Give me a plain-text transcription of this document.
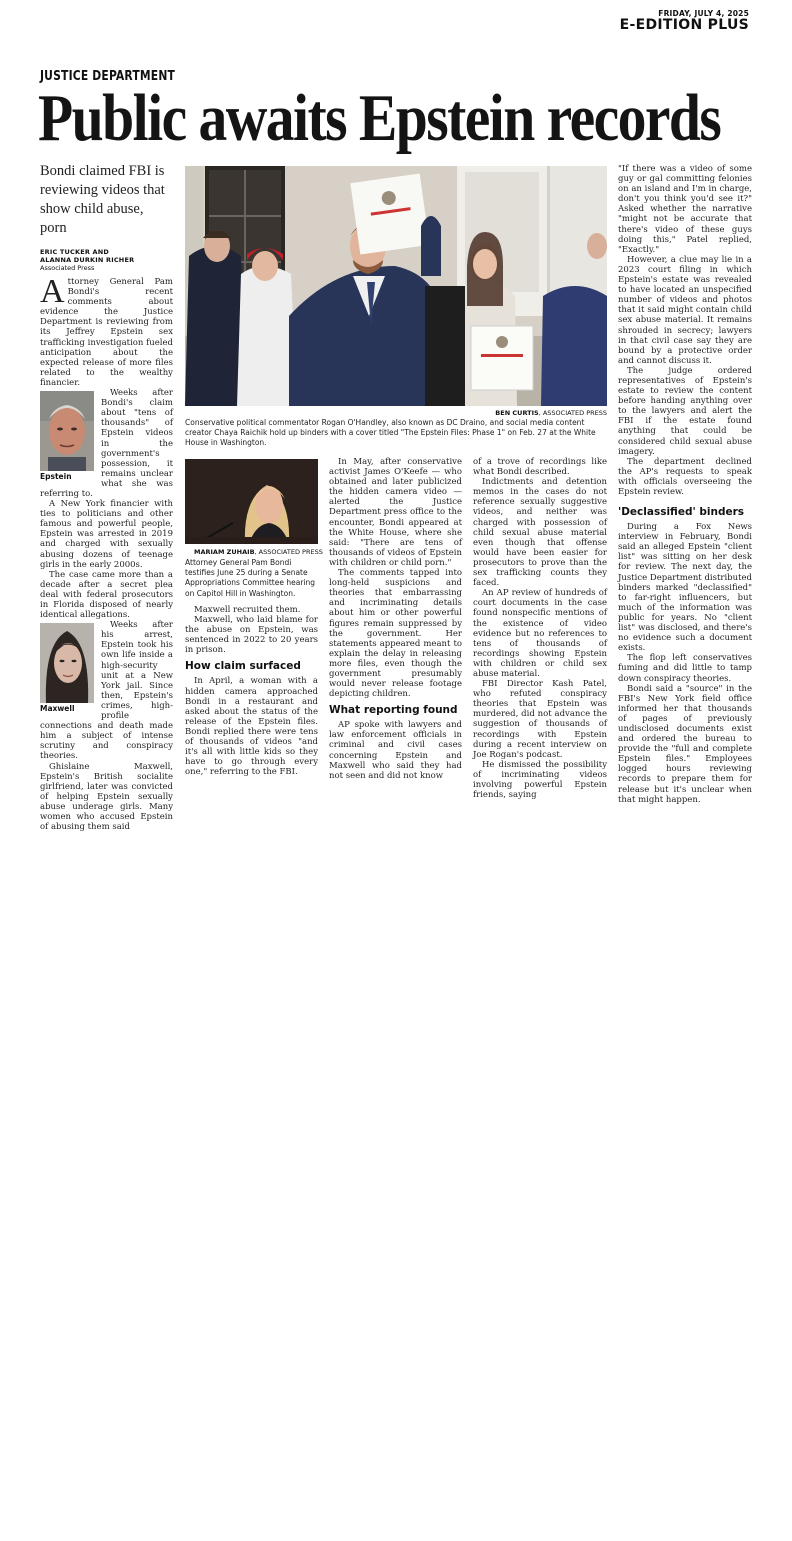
FRIDAY, JULY 4, 2025
E-EDITION PLUS
JUSTICE DEPARTMENT
Public awaits Epstein records
Bondi claimed FBI is reviewing videos that show child abuse, porn
ERIC TUCKER AND
ALANNA DURKIN RICHER
Associated Press

Attorney General Pam Bondi's recent comments about evidence the Justice Department is reviewing from its Jeffrey Epstein sex trafficking investigation fueled anticipation about the expected release of more files related to the wealthy financier.

Epstein

Weeks after Bondi's claim about "tens of thousands" of Epstein videos in the government's possession, it remains unclear what she was referring to.

A New York financier with ties to politicians and other famous and powerful people, Epstein was arrested in 2019 and charged with sexually abusing dozens of teenage girls in the early 2000s.

The case came more than a decade after a secret plea deal with federal prosecutors in Florida disposed of nearly identical allegations.

Maxwell

Weeks after his arrest, Epstein took his own life inside a high-security unit at a New York jail. Since then, Epstein's crimes, high-profile connections and death made him a subject of intense scrutiny and conspiracy theories.

Ghislaine Maxwell, Epstein's British socialite girlfriend, later was convicted of helping Epstein sexually abuse underage girls. Many women who accused Epstein of abusing them said

BEN CURTIS, ASSOCIATED PRESS
Conservative political commentator Rogan O'Handley, also known as DC Draino, and social media content creator Chaya Raichik hold up binders with a cover titled "The Epstein Files: Phase 1" on Feb. 27 at the White House in Washington.
MARIAM ZUHAIB, ASSOCIATED PRESS
Attorney General Pam Bondi testifies June 25 during a Senate Appropriations Committee hearing on Capitol Hill in Washington.

Maxwell recruited them.

Maxwell, who laid blame for the abuse on Epstein, was sentenced in 2022 to 20 years in prison.

How claim surfaced

In April, a woman with a hidden camera approached Bondi in a restaurant and asked about the status of the release of the Epstein files. Bondi replied there were tens of thousands of videos "and it's all with little kids so they have to go through every one," referring to the FBI.

In May, after conservative activist James O'Keefe — who obtained and later publicized the hidden camera video — alerted the Justice Department press office to the encounter, Bondi appeared at the White House, where she said: "There are tens of thousands of videos of Epstein with children or child porn."

The comments tapped into long-held suspicions and theories that embarrassing and incriminating details about him or other powerful figures remain suppressed by the government. Her statements appeared meant to explain the delay in releasing more files, even though the government presumably would never release footage depicting children.

What reporting found

AP spoke with lawyers and law enforcement officials in criminal and civil cases concerning Epstein and Maxwell who said they had not seen and did not know

of a trove of recordings like what Bondi described.

Indictments and detention memos in the cases do not reference sexually suggestive videos, and neither was charged with possession of child sexual abuse material even though that offense would have been easier for prosecutors to prove than the sex trafficking counts they faced.

An AP review of hundreds of court documents in the case found nonspecific mentions of the existence of video evidence but no references to tens of thousands of recordings showing Epstein with children or child sex abuse material.

FBI Director Kash Patel, who refuted conspiracy theories that Epstein was murdered, did not advance the suggestion of thousands of recordings with Epstein during a recent interview on Joe Rogan's podcast.

He dismissed the possibility of incriminating videos involving powerful Epstein friends, saying

"If there was a video of some guy or gal committing felonies on an island and I'm in charge, don't you think you'd see it?" Asked whether the narrative "might not be accurate that there's video of these guys doing this," Patel replied, "Exactly."

However, a clue may lie in a 2023 court filing in which Epstein's estate was revealed to have located an unspecified number of videos and photos that it said might contain child sex abuse material. It remains shrouded in secrecy; lawyers in that civil case say they are bound by a protective order and cannot discuss it.

The judge ordered representatives of Epstein's estate to review the content before handing anything over to the lawyers and alert the FBI if the estate found anything that could be considered child sexual abuse imagery.

The department declined the AP's requests to speak with officials overseeing the Epstein review.

'Declassified' binders

During a Fox News interview in February, Bondi said an alleged Epstein "client list" was sitting on her desk for review. The next day, the Justice Department distributed binders marked "declassified" to far-right influencers, but much of the information was public for years. No "client list" was disclosed, and there's no evidence such a document exists.

The flop left conservatives fuming and did little to tamp down conspiracy theories.

Bondi said a "source" in the FBI's New York field office informed her that thousands of pages of previously undisclosed documents exist and ordered the bureau to provide the "full and complete Epstein files." Employees logged hours reviewing records to prepare them for release but it's unclear when that might happen.
